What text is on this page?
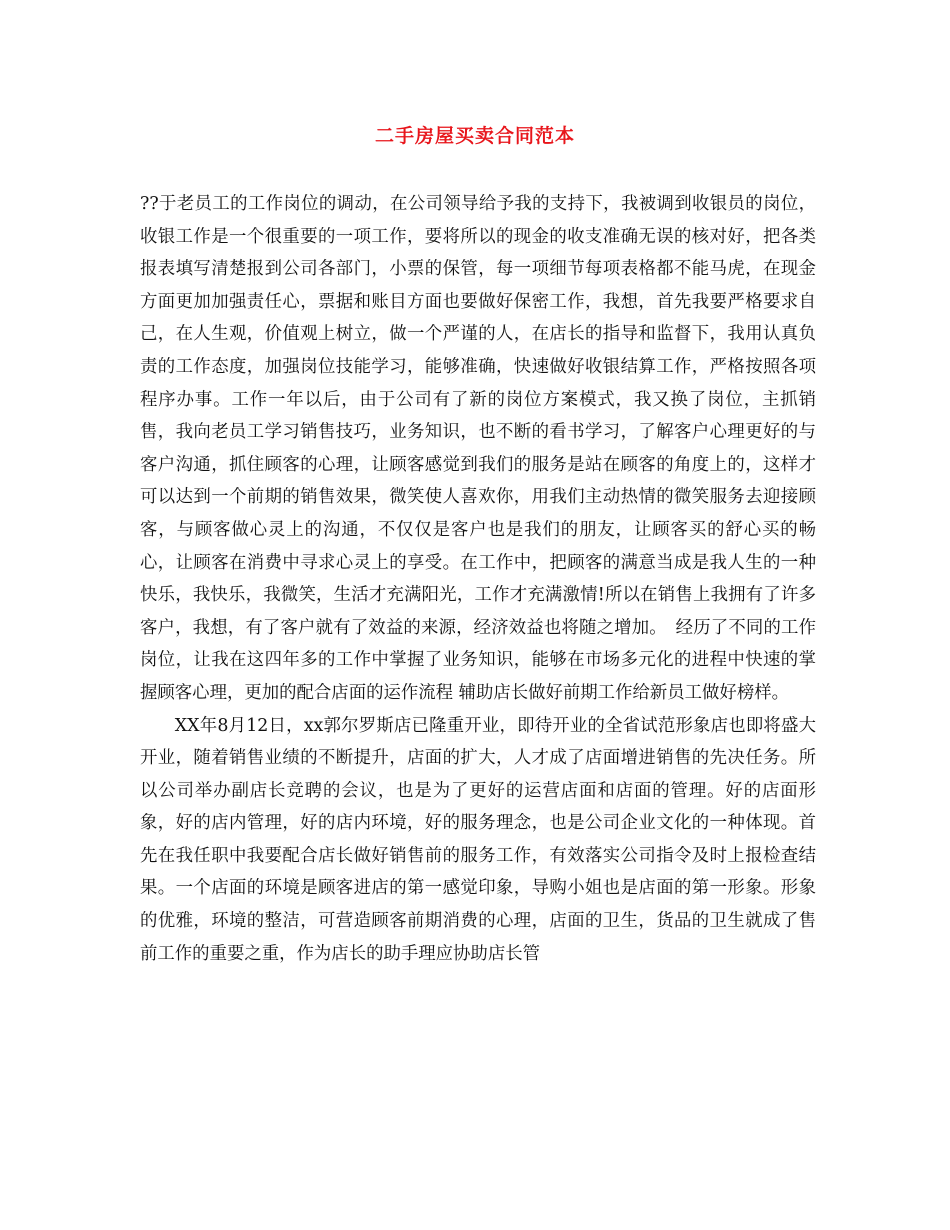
二手房屋买卖合同范本

??于老员工的工作岗位的调动，在公司领导给予我的支持下，我被调到收银员的岗位，收银工作是一个很重要的一项工作，要将所以的现金的收支准确无误的核对好，把各类报表填写清楚报到公司各部门，小票的保管，每一项细节每项表格都不能马虎，在现金方面更加加强责任心，票据和账目方面也要做好保密工作，我想，首先我要严格要求自己，在人生观，价值观上树立，做一个严谨的人，在店长的指导和监督下，我用认真负责的工作态度，加强岗位技能学习，能够准确，快速做好收银结算工作，严格按照各项程序办事。工作一年以后，由于公司有了新的岗位方案模式，我又换了岗位，主抓销售，我向老员工学习销售技巧，业务知识，也不断的看书学习，了解客户心理更好的与客户沟通，抓住顾客的心理，让顾客感觉到我们的服务是站在顾客的角度上的，这样才可以达到一个前期的销售效果，微笑使人喜欢你，用我们主动热情的微笑服务去迎接顾客，与顾客做心灵上的沟通，不仅仅是客户也是我们的朋友，让顾客买的舒心买的畅心，让顾客在消费中寻求心灵上的享受。在工作中，把顾客的满意当成是我人生的一种快乐，我快乐，我微笑，生活才充满阳光，工作才充满激情!所以在销售上我拥有了许多客户，我想，有了客户就有了效益的来源，经济效益也将随之增加。　经历了不同的工作岗位，让我在这四年多的工作中掌握了业务知识，能够在市场多元化的进程中快速的掌握顾客心理，更加的配合店面的运作流程 辅助店长做好前期工作给新员工做好榜样。

XX年8月12日，xx郭尔罗斯店已隆重开业，即待开业的全省试范形象店也即将盛大开业，随着销售业绩的不断提升，店面的扩大，人才成了店面增进销售的先决任务。所以公司举办副店长竞聘的会议，也是为了更好的运营店面和店面的管理。好的店面形象，好的店内管理，好的店内环境，好的服务理念，也是公司企业文化的一种体现。首先在我任职中我要配合店长做好销售前的服务工作，有效落实公司指令及时上报检查结果。一个店面的环境是顾客进店的第一感觉印象，导购小姐也是店面的第一形象。形象的优雅，环境的整洁，可营造顾客前期消费的心理，店面的卫生，货品的卫生就成了售前工作的重要之重，作为店长的助手理应协助店长管
